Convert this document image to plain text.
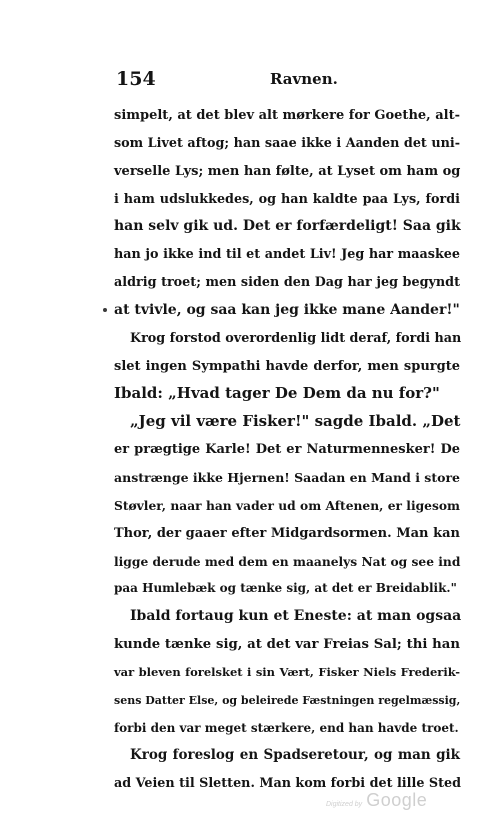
154	Ravnen.
simpelt, at det blev alt mørkere for Goethe, alt-
som Livet aftog; han saae ikke i Aanden det uni-
verselle Lys; men han følte, at Lyset om ham og
i ham udslukkedes, og han kaldte paa Lys, fordi
han selv gik ud. Det er forfærdeligt! Saa gik
han jo ikke ind til et andet Liv! Jeg har maaskee
aldrig troet; men siden den Dag har jeg begyndt
at tvivle, og saa kan jeg ikke mane Aander!"
Krog forstod overordenlig lidt deraf, fordi han
slet ingen Sympathi havde derfor, men spurgte
Ibald: „Hvad tager De Dem da nu for?"
„Jeg vil være Fisker!" sagde Ibald. „Det
er prægtige Karle! Det er Naturmennesker! De
anstrænge ikke Hjernen! Saadan en Mand i store
Støvler, naar han vader ud om Aftenen, er ligesom
Thor, der gaaer efter Midgardsormen. Man kan
ligge derude med dem en maanelys Nat og see ind
paa Humlebæk og tænke sig, at det er Breidablik."
Ibald fortaug kun et Eneste: at man ogsaa
kunde tænke sig, at det var Freias Sal; thi han
var bleven forelsket i sin Vært, Fisker Niels Frederik-
sens Datter Else, og beleirede Fæstningen regelmæssig,
forbi den var meget stærkere, end han havde troet.
Krog foreslog en Spadseretour, og man gik
ad Veien til Sletten. Man kom forbi det lille Sted
Digitized by Google
